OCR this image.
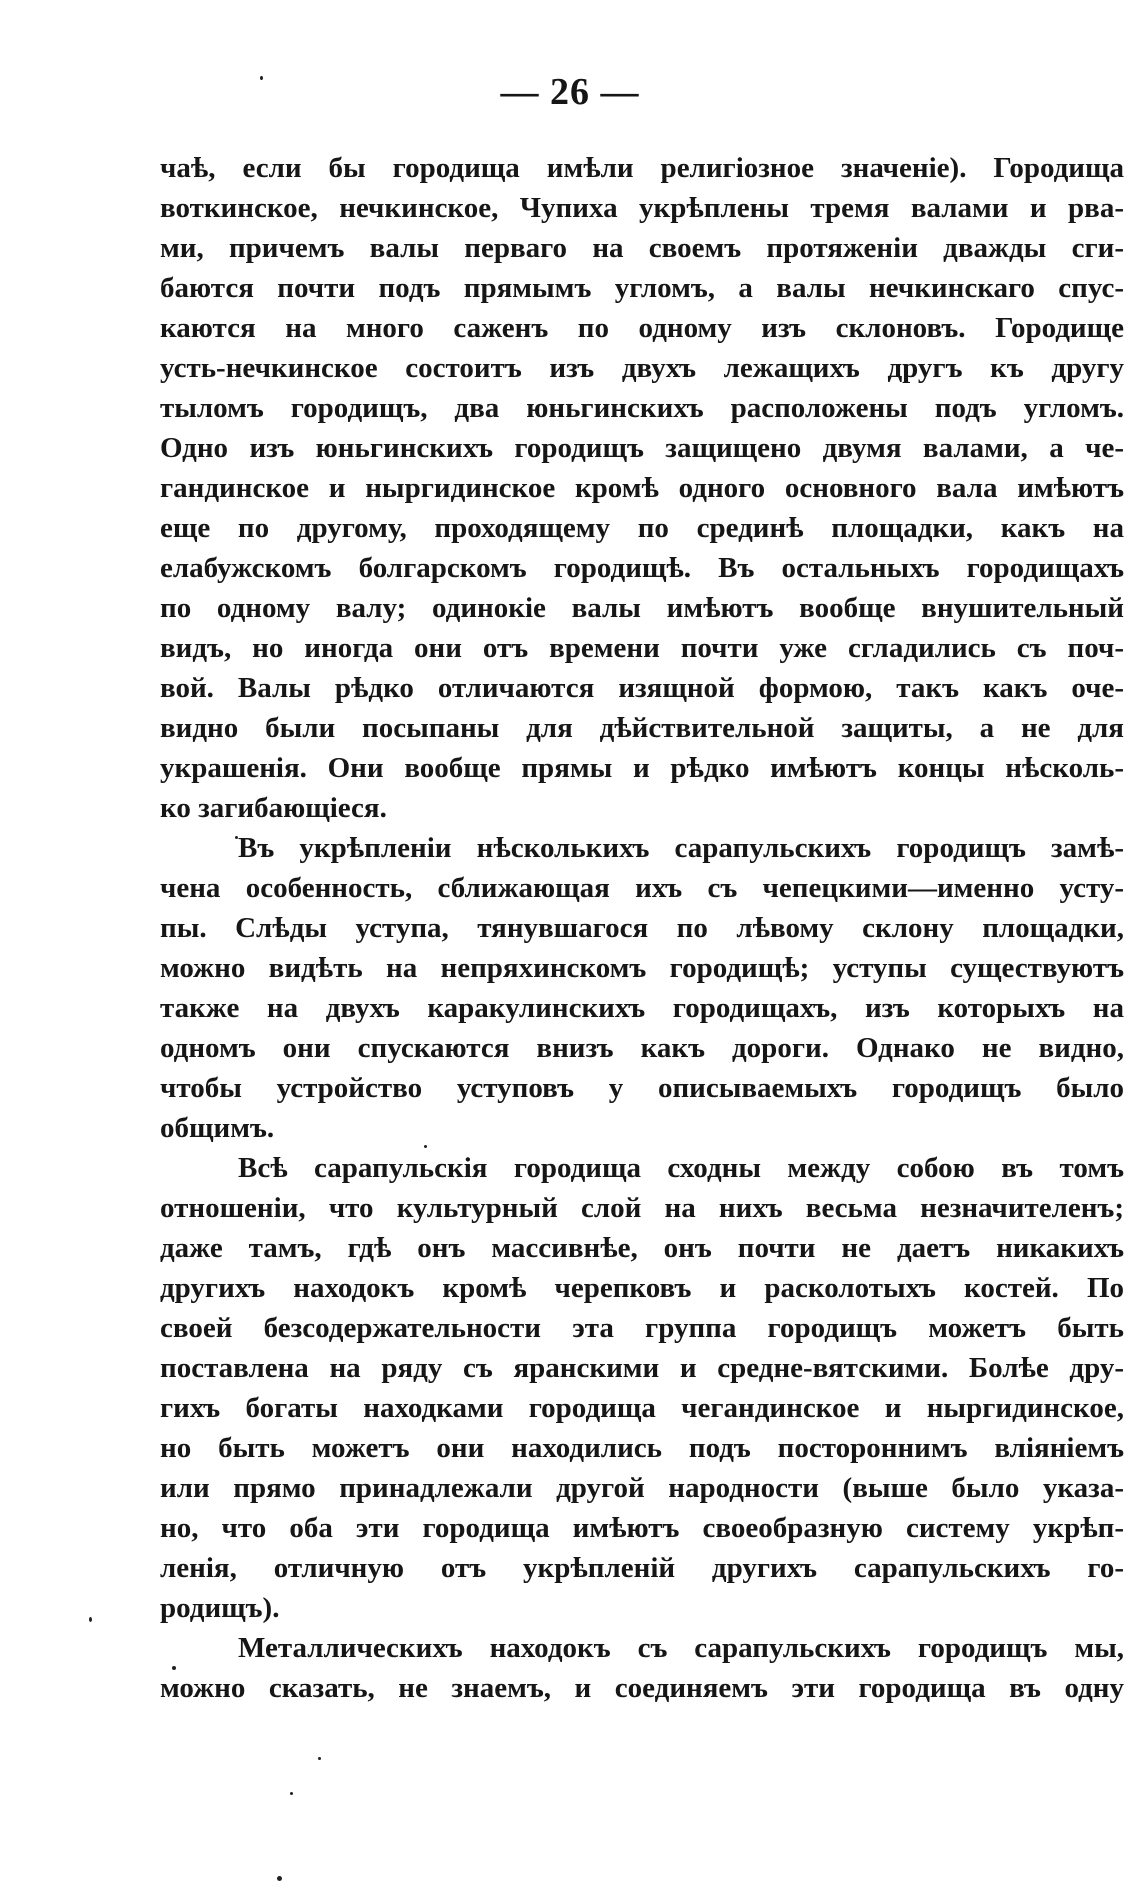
— 26 —
чаѣ, если бы городища имѣли религіозное значеніе). Городища
воткинское, нечкинское, Чупиха укрѣплены тремя валами и рва-
ми, причемъ валы перваго на своемъ протяженіи дважды сги-
баются почти подъ прямымъ угломъ, а валы нечкинскаго спус-
каются на много саженъ по одному изъ склоновъ. Городище
усть-нечкинское состоитъ изъ двухъ лежащихъ другъ къ другу
тыломъ городищъ, два юньгинскихъ расположены подъ угломъ.
Одно изъ юньгинскихъ городищъ защищено двумя валами, а че-
гандинское и ныргидинское кромѣ одного основного вала имѣютъ
еще по другому, проходящему по срединѣ площадки, какъ на
елабужскомъ болгарскомъ городищѣ. Въ остальныхъ городищахъ
по одному валу; одинокіе валы имѣютъ вообще внушительный
видъ, но иногда они отъ времени почти уже сгладились съ поч-
вой. Валы рѣдко отличаются изящной формою, такъ какъ оче-
видно были посыпаны для дѣйствительной защиты, а не для
украшенія. Они вообще прямы и рѣдко имѣютъ концы нѣсколь-
ко загибающіеся.
Въ укрѣпленіи нѣсколькихъ сарапульскихъ городищъ замѣ-
чена особенность, сближающая ихъ съ чепецкими—именно усту-
пы. Слѣды уступа, тянувшагося по лѣвому склону площадки,
можно видѣть на непряхинскомъ городищѣ; уступы существуютъ
также на двухъ каракулинскихъ городищахъ, изъ которыхъ на
одномъ они спускаются внизъ какъ дороги. Однако не видно,
чтобы устройство уступовъ у описываемыхъ городищъ было
общимъ.
Всѣ сарапульскія городища сходны между собою въ томъ
отношеніи, что культурный слой на нихъ весьма незначителенъ;
даже тамъ, гдѣ онъ массивнѣе, онъ почти не даетъ никакихъ
другихъ находокъ кромѣ черепковъ и расколотыхъ костей. По
своей безсодержательности эта группа городищъ можетъ быть
поставлена на ряду съ яранскими и средне-вятскими. Болѣе дру-
гихъ богаты находками городища чегандинское и ныргидинское,
но быть можетъ они находились подъ постороннимъ вліяніемъ
или прямо принадлежали другой народности (выше было указа-
но, что оба эти городища имѣютъ своеобразную систему укрѣп-
ленія, отличную отъ укрѣпленій другихъ сарапульскихъ го-
родищъ).
Металлическихъ находокъ съ сарапульскихъ городищъ мы,
можно сказать, не знаемъ, и соединяемъ эти городища въ одну
